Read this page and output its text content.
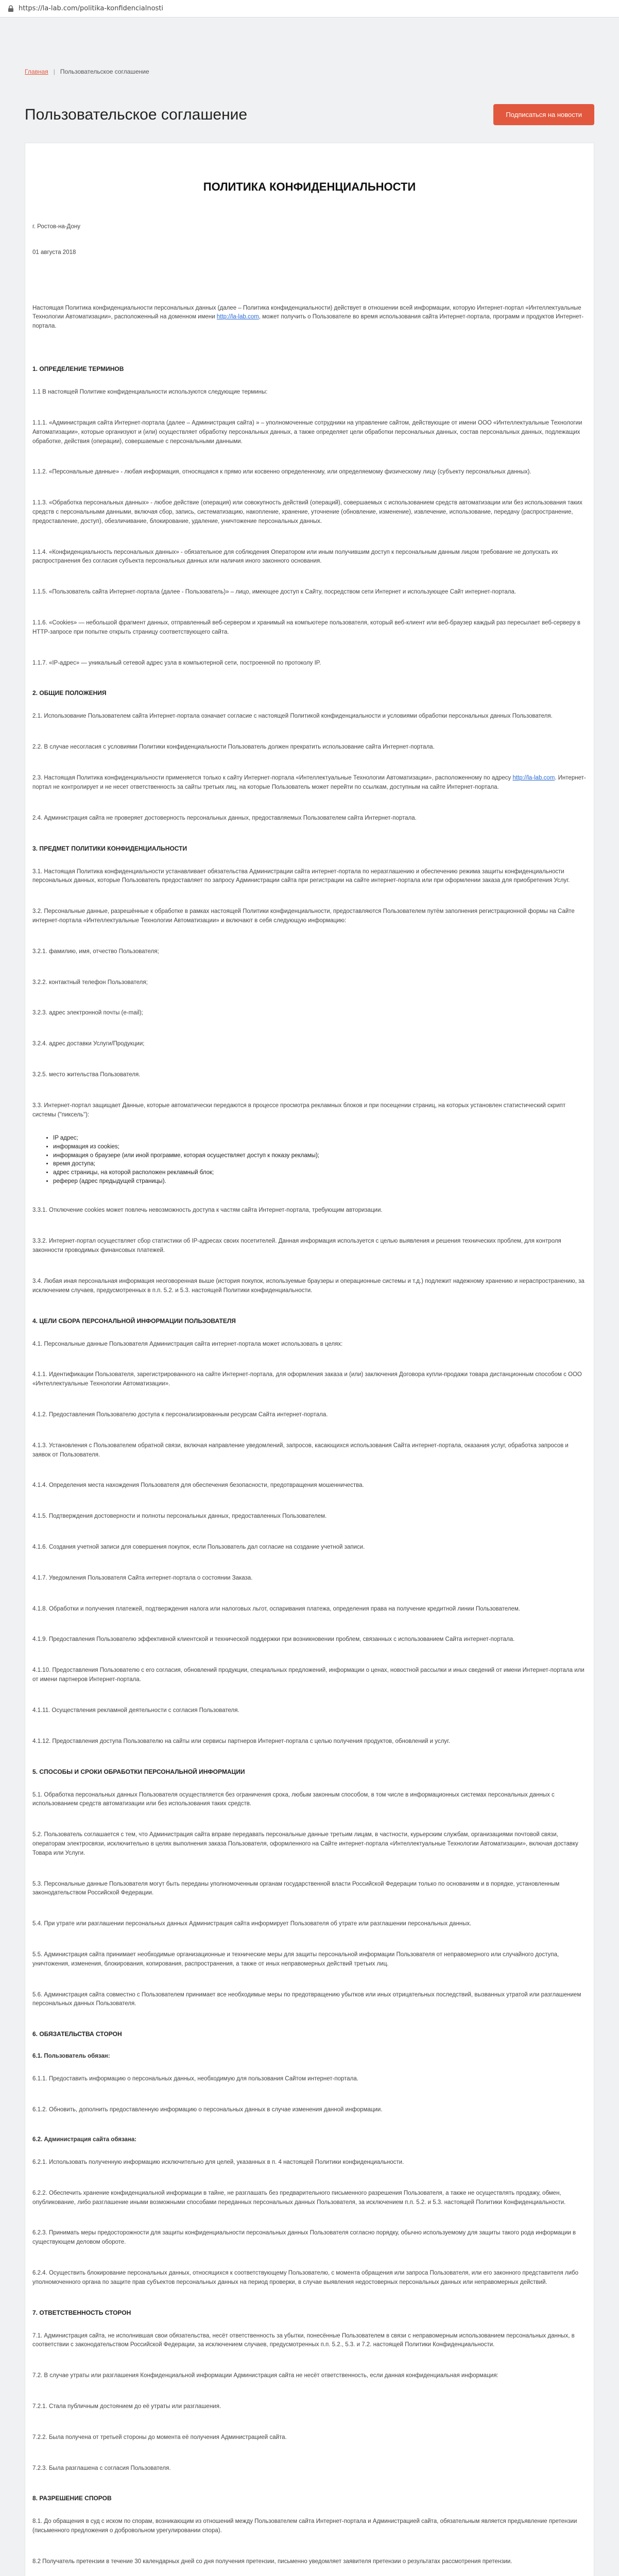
https://la-lab.com/politika-konfidencialnosti
Главная | Пользовательское соглашение
Пользовательское соглашение	Подписаться на новости
ПОЛИТИКА КОНФИДЕНЦИАЛЬНОСТИ

г. Ростов-на-Дону

01 августа 2018

Настоящая Политика конфиденциальности персональных данных (далее – Политика конфиденциальности) действует в отношении всей информации, которую Интернет-портал «Интеллектуальные Технологии Автоматизации», расположенный на доменном имени http://la-lab.com, может получить о Пользователе во время использования сайта Интернет-портала, программ и продуктов Интернет-портала.

1. ОПРЕДЕЛЕНИЕ ТЕРМИНОВ

1.1 В настоящей Политике конфиденциальности используются следующие термины:

1.1.1. «Администрация сайта Интернет-портала (далее – Администрация сайта) » – уполномоченные сотрудники на управление сайтом, действующие от имени ООО «Интеллектуальные Технологии Автоматизации», которые организуют и (или) осуществляет обработку персональных данных, а также определяет цели обработки персональных данных, состав персональных данных, подлежащих обработке, действия (операции), совершаемые с персональными данными.

1.1.2. «Персональные данные» - любая информация, относящаяся к прямо или косвенно определенному, или определяемому физическому лицу (субъекту персональных данных).

1.1.3. «Обработка персональных данных» - любое действие (операция) или совокупность действий (операций), совершаемых с использованием средств автоматизации или без использования таких средств с персональными данными, включая сбор, запись, систематизацию, накопление, хранение, уточнение (обновление, изменение), извлечение, использование, передачу (распространение, предоставление, доступ), обезличивание, блокирование, удаление, уничтожение персональных данных.

1.1.4. «Конфиденциальность персональных данных» - обязательное для соблюдения Оператором или иным получившим доступ к персональным данным лицом требование не допускать их распространения без согласия субъекта персональных данных или наличия иного законного основания.

1.1.5. «Пользователь сайта Интернет-портала (далее - Пользователь)» – лицо, имеющее доступ к Сайту, посредством сети Интернет и использующее Сайт интернет-портала.

1.1.6. «Cookies» — небольшой фрагмент данных, отправленный веб-сервером и хранимый на компьютере пользователя, который веб-клиент или веб-браузер каждый раз пересылает веб-серверу в HTTP-запросе при попытке открыть страницу соответствующего сайта.

1.1.7. «IP-адрес» — уникальный сетевой адрес узла в компьютерной сети, построенной по протоколу IP.

2. ОБЩИЕ ПОЛОЖЕНИЯ

2.1. Использование Пользователем сайта Интернет-портала означает согласие с настоящей Политикой конфиденциальности и условиями обработки персональных данных Пользователя.

2.2. В случае несогласия с условиями Политики конфиденциальности Пользователь должен прекратить использование сайта Интернет-портала.

2.3. Настоящая Политика конфиденциальности применяется только к сайту Интернет-портала «Интеллектуальные Технологии Автоматизации», расположенному по адресу http://la-lab.com. Интернет-портал не контролирует и не несет ответственность за сайты третьих лиц, на которые Пользователь может перейти по ссылкам, доступным на сайте Интернет-портала.

2.4. Администрация сайта не проверяет достоверность персональных данных, предоставляемых Пользователем сайта Интернет-портала.

3. ПРЕДМЕТ ПОЛИТИКИ КОНФИДЕНЦИАЛЬНОСТИ

3.1. Настоящая Политика конфиденциальности устанавливает обязательства Администрации сайта интернет-портала по неразглашению и обеспечению режима защиты конфиденциальности персональных данных, которые Пользователь предоставляет по запросу Администрации сайта при регистрации на сайте интернет-портала или при оформлении заказа для приобретения Услуг.

3.2. Персональные данные, разрешённые к обработке в рамках настоящей Политики конфиденциальности, предоставляются Пользователем путём заполнения регистрационной формы на Сайте интернет-портала «Интеллектуальные Технологии Автоматизации» и включают в себя следующую информацию:

3.2.1. фамилию, имя, отчество Пользователя;

3.2.2. контактный телефон Пользователя;

3.2.3. адрес электронной почты (e-mail);

3.2.4. адрес доставки Услуги/Продукции;

3.2.5. место жительства Пользователя.

3.3. Интернет-портал защищает Данные, которые автоматически передаются в процессе просмотра рекламных блоков и при посещении страниц, на которых установлен статистический скрипт системы ("пиксель"):

• IP адрес;
• информация из cookies;
• информация о браузере (или иной программе, которая осуществляет доступ к показу рекламы);
• время доступа;
• адрес страницы, на которой расположен рекламный блок;
• реферер (адрес предыдущей страницы).

3.3.1. Отключение cookies может повлечь невозможность доступа к частям сайта Интернет-портала, требующим авторизации.

3.3.2. Интернет-портал осуществляет сбор статистики об IP-адресах своих посетителей. Данная информация используется с целью выявления и решения технических проблем, для контроля законности проводимых финансовых платежей.

3.4. Любая иная персональная информация неоговоренная выше (история покупок, используемые браузеры и операционные системы и т.д.) подлежит надежному хранению и нераспространению, за исключением случаев, предусмотренных в п.п. 5.2. и 5.3. настоящей Политики конфиденциальности.

4. ЦЕЛИ СБОРА ПЕРСОНАЛЬНОЙ ИНФОРМАЦИИ ПОЛЬЗОВАТЕЛЯ

4.1. Персональные данные Пользователя Администрация сайта интернет-портала может использовать в целях:

4.1.1. Идентификации Пользователя, зарегистрированного на сайте Интернет-портала, для оформления заказа и (или) заключения Договора купли-продажи товара дистанционным способом с ООО «Интеллектуальные Технологии Автоматизации».

4.1.2. Предоставления Пользователю доступа к персонализированным ресурсам Сайта интернет-портала.

4.1.3. Установления с Пользователем обратной связи, включая направление уведомлений, запросов, касающихся использования Сайта интернет-портала, оказания услуг, обработка запросов и заявок от Пользователя.

4.1.4. Определения места нахождения Пользователя для обеспечения безопасности, предотвращения мошенничества.

4.1.5. Подтверждения достоверности и полноты персональных данных, предоставленных Пользователем.

4.1.6. Создания учетной записи для совершения покупок, если Пользователь дал согласие на создание учетной записи.

4.1.7. Уведомления Пользователя Сайта интернет-портала о состоянии Заказа.

4.1.8. Обработки и получения платежей, подтверждения налога или налоговых льгот, оспаривания платежа, определения права на получение кредитной линии Пользователем.

4.1.9. Предоставления Пользователю эффективной клиентской и технической поддержки при возникновении проблем, связанных с использованием Сайта интернет-портала.

4.1.10. Предоставления Пользователю с его согласия, обновлений продукции, специальных предложений, информации о ценах, новостной рассылки и иных сведений от имени Интернет-портала или от имени партнеров Интернет-портала.

4.1.11. Осуществления рекламной деятельности с согласия Пользователя.

4.1.12. Предоставления доступа Пользователю на сайты или сервисы партнеров Интернет-портала с целью получения продуктов, обновлений и услуг.

5. СПОСОБЫ И СРОКИ ОБРАБОТКИ ПЕРСОНАЛЬНОЙ ИНФОРМАЦИИ

5.1. Обработка персональных данных Пользователя осуществляется без ограничения срока, любым законным способом, в том числе в информационных системах персональных данных с использованием средств автоматизации или без использования таких средств.

5.2. Пользователь соглашается с тем, что Администрация сайта вправе передавать персональные данные третьим лицам, в частности, курьерским службам, организациями почтовой связи, операторам электросвязи, исключительно в целях выполнения заказа Пользователя, оформленного на Сайте интернет-портала «Интеллектуальные Технологии Автоматизации», включая доставку Товара или Услуги.

5.3. Персональные данные Пользователя могут быть переданы уполномоченным органам государственной власти Российской Федерации только по основаниям и в порядке, установленным законодательством Российской Федерации.

5.4. При утрате или разглашении персональных данных Администрация сайта информирует Пользователя об утрате или разглашении персональных данных.

5.5. Администрация сайта принимает необходимые организационные и технические меры для защиты персональной информации Пользователя от неправомерного или случайного доступа, уничтожения, изменения, блокирования, копирования, распространения, а также от иных неправомерных действий третьих лиц.

5.6. Администрация сайта совместно с Пользователем принимает все необходимые меры по предотвращению убытков или иных отрицательных последствий, вызванных утратой или разглашением персональных данных Пользователя.

6. ОБЯЗАТЕЛЬСТВА СТОРОН
6.1. Пользователь обязан:

6.1.1. Предоставить информацию о персональных данных, необходимую для пользования Сайтом интернет-портала.

6.1.2. Обновить, дополнить предоставленную информацию о персональных данных в случае изменения данной информации.

6.2. Администрация сайта обязана:

6.2.1. Использовать полученную информацию исключительно для целей, указанных в п. 4 настоящей Политики конфиденциальности.

6.2.2. Обеспечить хранение конфиденциальной информации в тайне, не разглашать без предварительного письменного разрешения Пользователя, а также не осуществлять продажу, обмен, опубликование, либо разглашение иными возможными способами переданных персональных данных Пользователя, за исключением п.п. 5.2. и 5.3. настоящей Политики Конфиденциальности.

6.2.3. Принимать меры предосторожности для защиты конфиденциальности персональных данных Пользователя согласно порядку, обычно используемому для защиты такого рода информации в существующем деловом обороте.

6.2.4. Осуществить блокирование персональных данных, относящихся к соответствующему Пользователю, с момента обращения или запроса Пользователя, или его законного представителя либо уполномоченного органа по защите прав субъектов персональных данных на период проверки, в случае выявления недостоверных персональных данных или неправомерных действий.

7. ОТВЕТСТВЕННОСТЬ СТОРОН

7.1. Администрация сайта, не исполнившая свои обязательства, несёт ответственность за убытки, понесённые Пользователем в связи с неправомерным использованием персональных данных, в соответствии с законодательством Российской Федерации, за исключением случаев, предусмотренных п.п. 5.2., 5.3. и 7.2. настоящей Политики Конфиденциальности.

7.2. В случае утраты или разглашения Конфиденциальной информации Администрация сайта не несёт ответственность, если данная конфиденциальная информация:

7.2.1. Стала публичным достоянием до её утраты или разглашения.

7.2.2. Была получена от третьей стороны до момента её получения Администрацией сайта.

7.2.3. Была разглашена с согласия Пользователя.

8. РАЗРЕШЕНИЕ СПОРОВ

8.1. До обращения в суд с иском по спорам, возникающим из отношений между Пользователем сайта Интернет-портала и Администрацией сайта, обязательным является предъявление претензии (письменного предложения о добровольном урегулировании спора).

8.2 Получатель претензии в течение 30 календарных дней со дня получения претензии, письменно уведомляет заявителя претензии о результатах рассмотрения претензии.
